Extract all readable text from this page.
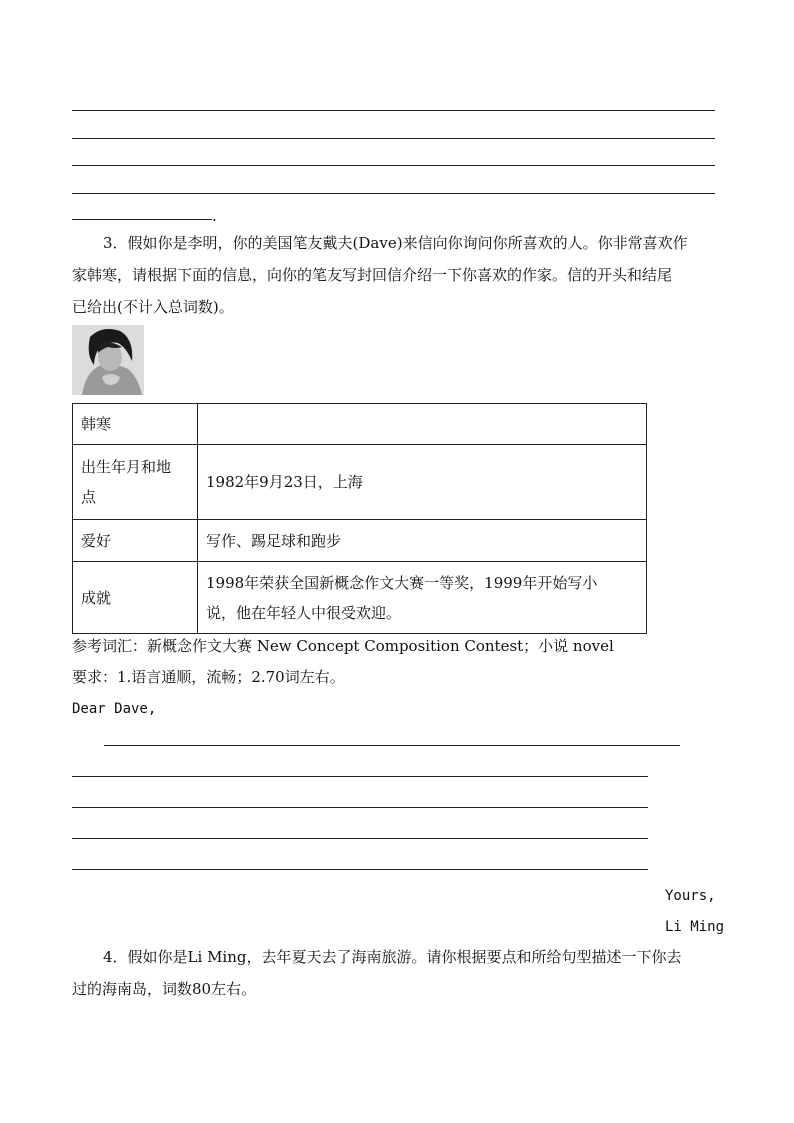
.
3．假如你是李明，你的美国笔友戴夫(Dave)来信向你询问你所喜欢的人。你非常喜欢作
家韩寒，请根据下面的信息，向你的笔友写封回信介绍一下你喜欢的作家。信的开头和结尾
已给出(不计入总词数)。
韩寒	

出生年月和地
点	1982年9月23日，上海
爱好	写作、踢足球和跑步
成就	1998年荣获全国新概念作文大赛一等奖，1999年开始写小
说，他在年轻人中很受欢迎。
参考词汇：新概念作文大赛 New Concept Composition Contest；小说 novel
要求：1.语言通顺，流畅；2.70词左右。
Dear Dave,
Yours,
Li Ming
4．假如你是Li Ming，去年夏天去了海南旅游。请你根据要点和所给句型描述一下你去
过的海南岛，词数80左右。
